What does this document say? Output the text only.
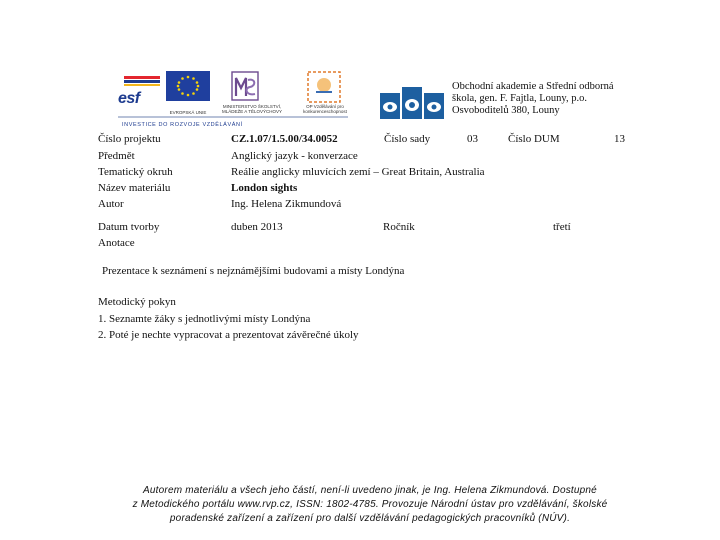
esf
EVROPSKÁ UNIE
MINISTERSTVO ŠKOLSTVÍ, MLÁDEŽE A TĚLOVÝCHOVY
OP Vzdělávání pro konkurenceschopnost
INVESTICE DO ROZVOJE VZDĚLÁVÁNÍ
Obchodní akademie a Střední odborná
škola, gen. F. Fajtla, Louny, p.o.
Osvoboditelů 380, Louny
Číslo projektu	CZ.1.07/1.5.00/34.0052	Číslo sady	03	Číslo DUM	13
Předmět	Anglický jazyk - konverzace
Tematický okruh	Reálie anglicky mluvících zemí – Great Britain, Australia
Název materiálu	London sights
Autor	Ing. Helena Zikmundová
Datum tvorby	duben 2013	Ročník	třetí
Anotace
Prezentace k seznámení s nejznámějšími budovami a místy Londýna
Metodický pokyn
1. Seznamte žáky s jednotlivými místy Londýna
2. Poté je nechte vypracovat a prezentovat závěrečné úkoly
Autorem materiálu a všech jeho částí, není-li uvedeno jinak, je Ing. Helena Zikmundová. Dostupné
z Metodického portálu www.rvp.cz, ISSN: 1802-4785. Provozuje Národní ústav pro vzdělávání, školské
poradenské zařízení a zařízení pro další vzdělávání pedagogických pracovníků (NÚV).
